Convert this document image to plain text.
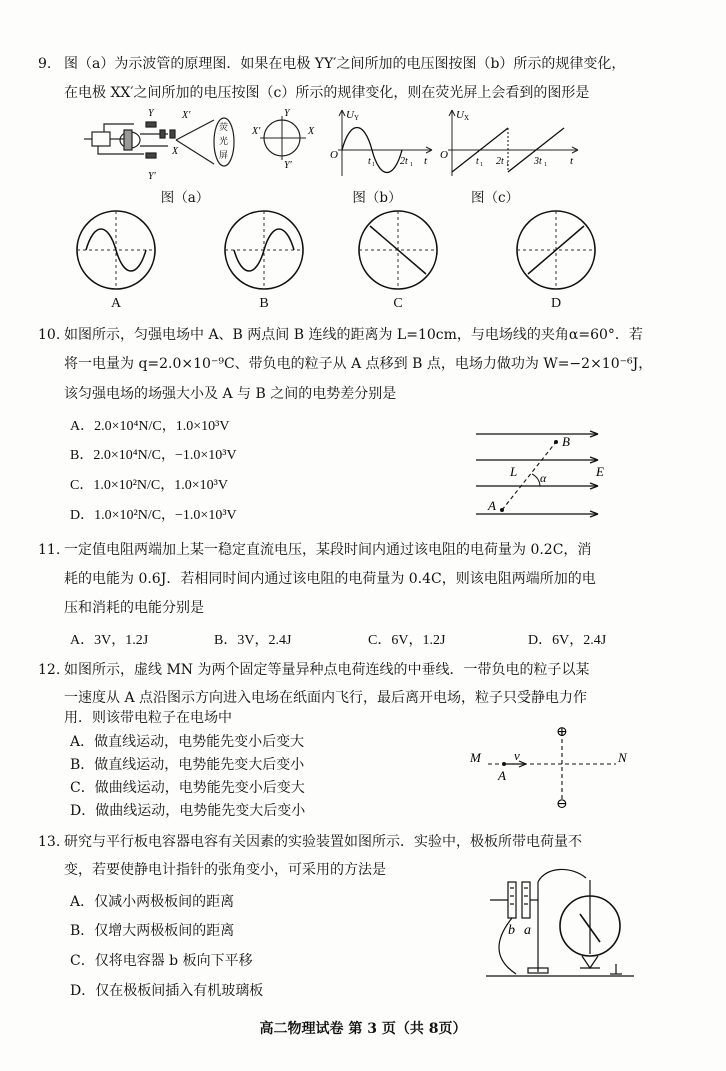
9. 图（a）为示波管的原理图．如果在电极 YY′之间所加的电压图按图（b）所示的规律变化，
在电极 XX′之间所加的电压按图（c）所示的规律变化，则在荧光屏上会看到的图形是
Y	X′
X
Y′
荧
光
屏
X′	X
Y
Y′
U Y
O
t 1	2t 1 t
U X
O
t 1 2t 1	3t 1 t
图（a）	图（b）	图（c）
A	B	C	D
10. 如图所示，匀强电场中 A、B 两点间 B 连线的距离为 L=10cm，与电场线的夹角α=60°．若
将一电量为 q=2.0×10⁻⁹C、带负电的粒子从 A 点移到 B 点，电场力做功为 W=−2×10⁻⁶J，
该匀强电场的场强大小及 A 与 B 之间的电势差分别是
A．2.0×10⁴N/C，1.0×10³V
B．2.0×10⁴N/C，−1.0×10³V
C．1.0×10²N/C，1.0×10³V
D．1.0×10²N/C，−1.0×10³V
B
L α	E
A
11. 一定值电阻两端加上某一稳定直流电压，某段时间内通过该电阻的电荷量为 0.2C，消
耗的电能为 0.6J．若相同时间内通过该电阻的电荷量为 0.4C，则该电阻两端所加的电
压和消耗的电能分别是
A．3V，1.2J	B．3V，2.4J	C．6V，1.2J	D．6V，2.4J
12. 如图所示，虚线 MN 为两个固定等量异种点电荷连线的中垂线．一带负电的粒子以某
一速度从 A 点沿图示方向进入电场在纸面内飞行，最后离开电场，粒子只受静电力作
用．则该带电粒子在电场中
A．做直线运动，电势能先变小后变大
B．做直线运动，电势能先变大后变小
C．做曲线运动，电势能先变小后变大
D．做曲线运动，电势能先变大后变小
⊕
⊖
M	v
A
N
13. 研究与平行板电容器电容有关因素的实验装置如图所示．实验中，极板所带电荷量不
变，若要使静电计指针的张角变小，可采用的方法是
A．仅减小两极板间的距离
B．仅增大两极板间的距离
C．仅将电容器 b 板向下平移
D．仅在极板间插入有机玻璃板
b a
高二物理试卷 第 3 页（共 8页）
